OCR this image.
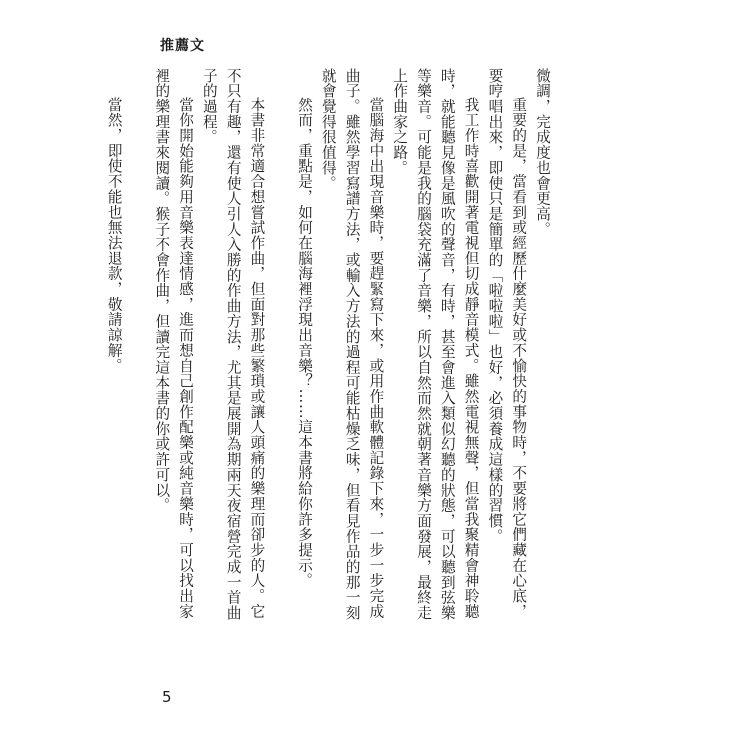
推薦文

微調，完成度也會更高。

重要的是，當看到或經歷什麼美好或不愉快的事物時，不要將它們藏在心底，要哼唱出來，即使只是簡單的「啦啦啦」也好，必須養成這樣的習慣。

我工作時喜歡開著電視但切成靜音模式。雖然電視無聲，但當我聚精會神聆聽時，就能聽見像是風吹的聲音，有時，甚至會進入類似幻聽的狀態，可以聽到弦樂等樂音。可能是我的腦袋充滿了音樂，所以自然而然就朝著音樂方面發展，最終走上作曲家之路。

當腦海中出現音樂時，要趕緊寫下來，或用作曲軟體記錄下來，一步一步完成曲子。雖然學習寫譜方法，或輸入方法的過程可能枯燥乏味，但看見作品的那一刻就會覺得很值得。

然而，重點是，如何在腦海裡浮現出音樂？……這本書將給你許多提示。

本書非常適合想嘗試作曲，但面對那些繁瑣或讓人頭痛的樂理而卻步的人。它不只有趣，還有使人引人入勝的作曲方法，尤其是展開為期兩天夜宿營完成一首曲子的過程。

當你開始能夠用音樂表達情感，進而想自己創作配樂或純音樂時，可以找出家裡的樂理書來閱讀。猴子不會作曲，但讀完這本書的你或許可以。

當然，即使不能也無法退款，敬請諒解。

5
